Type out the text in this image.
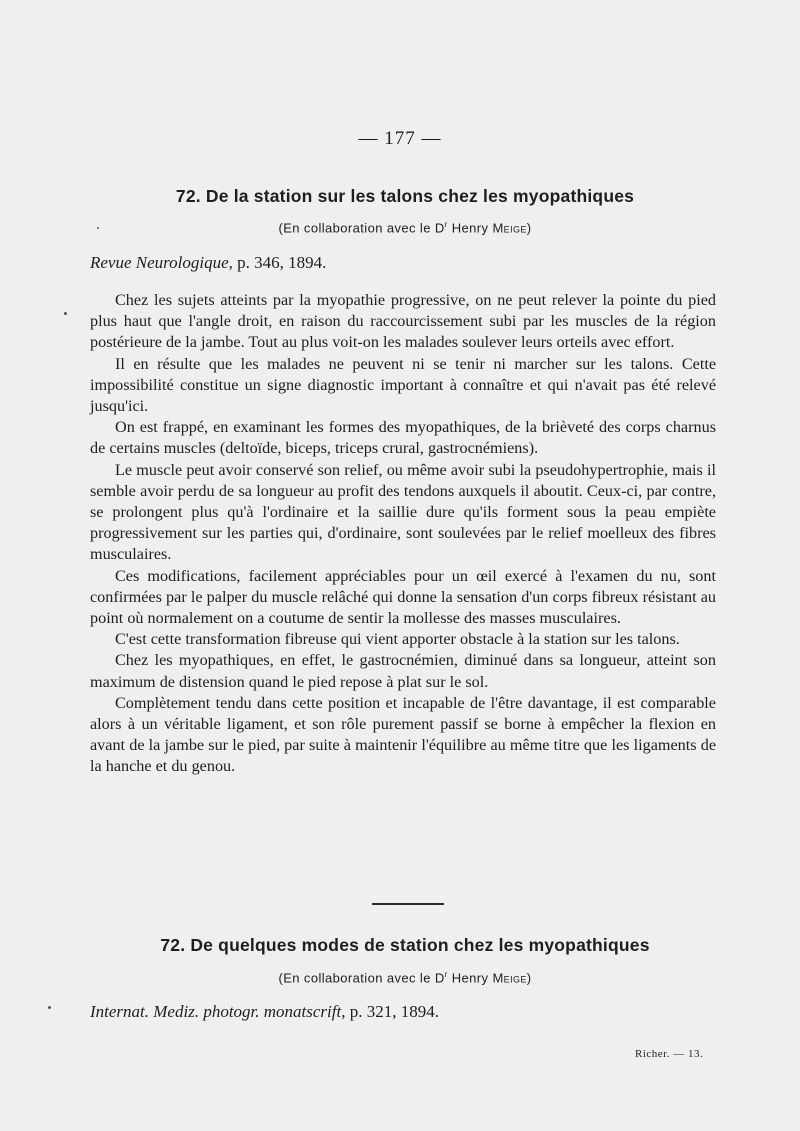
— 177 —
72. De la station sur les talons chez les myopathiques
(En collaboration avec le $D^r$ Henry Meige)
Revue Neurologique, p. 346, 1894.

Chez les sujets atteints par la myopathie progressive, on ne peut relever la pointe du pied plus haut que l'angle droit, en raison du raccourcissement subi par les muscles de la région postérieure de la jambe. Tout au plus voit-on les malades soulever leurs orteils avec effort.

Il en résulte que les malades ne peuvent ni se tenir ni marcher sur les talons. Cette impossibilité constitue un signe diagnostic important à connaître et qui n'avait pas été relevé jusqu'ici.

On est frappé, en examinant les formes des myopathiques, de la brièveté des corps charnus de certains muscles (deltoïde, biceps, triceps crural, gastrocnémiens).

Le muscle peut avoir conservé son relief, ou même avoir subi la pseudohypertrophie, mais il semble avoir perdu de sa longueur au profit des tendons auxquels il aboutit. Ceux-ci, par contre, se prolongent plus qu'à l'ordinaire et la saillie dure qu'ils forment sous la peau empiète progressivement sur les parties qui, d'ordinaire, sont soulevées par le relief moelleux des fibres musculaires.

Ces modifications, facilement appréciables pour un œil exercé à l'examen du nu, sont confirmées par le palper du muscle relâché qui donne la sensation d'un corps fibreux résistant au point où normalement on a coutume de sentir la mollesse des masses musculaires.

C'est cette transformation fibreuse qui vient apporter obstacle à la station sur les talons.

Chez les myopathiques, en effet, le gastrocnémien, diminué dans sa longueur, atteint son maximum de distension quand le pied repose à plat sur le sol.

Complètement tendu dans cette position et incapable de l'être davantage, il est comparable alors à un véritable ligament, et son rôle purement passif se borne à empêcher la flexion en avant de la jambe sur le pied, par suite à maintenir l'équilibre au même titre que les ligaments de la hanche et du genou.

72. De quelques modes de station chez les myopathiques
(En collaboration avec le $D^r$ Henry Meige)
Internat. Mediz. photogr. monatscrift, p. 321, 1894.
Richer. — 13.
